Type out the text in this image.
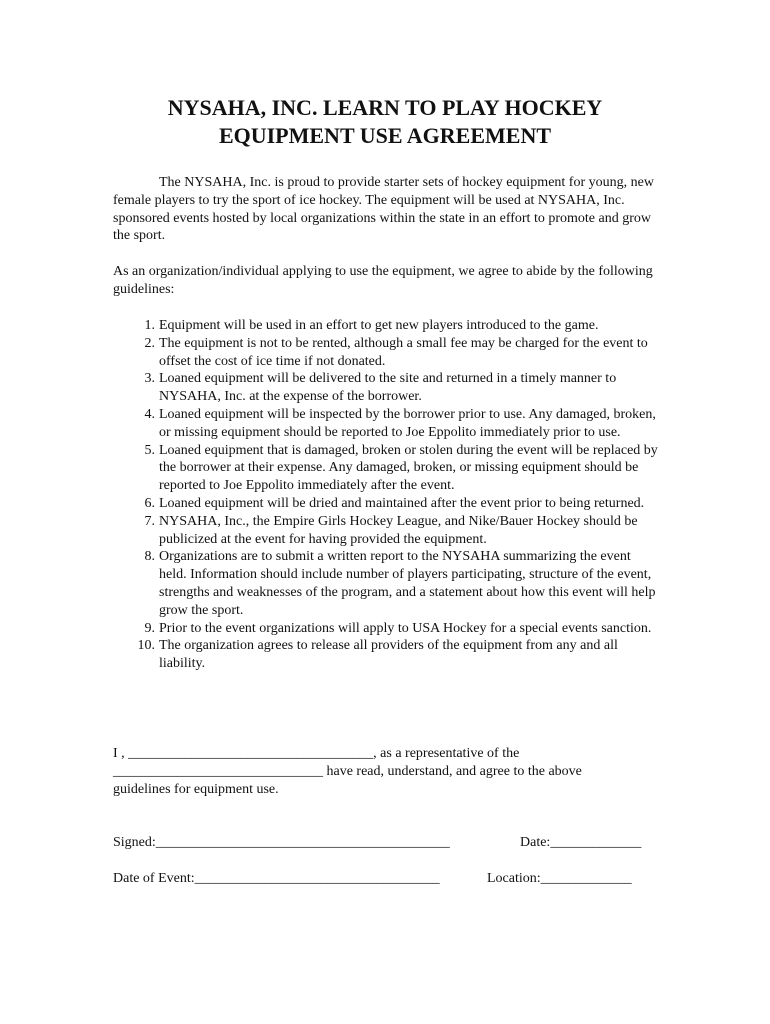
NYSAHA, INC. LEARN TO PLAY HOCKEY
EQUIPMENT USE AGREEMENT

The NYSAHA, Inc. is proud to provide starter sets of hockey equipment for young, new female players to try the sport of ice hockey. The equipment will be used at NYSAHA, Inc. sponsored events hosted by local organizations within the state in an effort to promote and grow the sport.

As an organization/individual applying to use the equipment, we agree to abide by the following guidelines:

1. Equipment will be used in an effort to get new players introduced to the game.
2. The equipment is not to be rented, although a small fee may be charged for the event to offset the cost of ice time if not donated.
3. Loaned equipment will be delivered to the site and returned in a timely manner to NYSAHA, Inc. at the expense of the borrower.
4. Loaned equipment will be inspected by the borrower prior to use. Any damaged, broken, or missing equipment should be reported to Joe Eppolito immediately prior to use.
5. Loaned equipment that is damaged, broken or stolen during the event will be replaced by the borrower at their expense. Any damaged, broken, or missing equipment should be reported to Joe Eppolito immediately after the event.
6. Loaned equipment will be dried and maintained after the event prior to being returned.
7. NYSAHA, Inc., the Empire Girls Hockey League, and Nike/Bauer Hockey should be publicized at the event for having provided the equipment.
8. Organizations are to submit a written report to the NYSAHA summarizing the event held. Information should include number of players participating, structure of the event, strengths and weaknesses of the program, and a statement about how this event will help grow the sport.
9. Prior to the event organizations will apply to USA Hockey for a special events sanction.
10. The organization agrees to release all providers of the equipment from any and all liability.
I , ___________________________________, as a representative of the
______________________________ have read, understand, and agree to the above
guidelines for equipment use.
Signed:__________________________________________	Date:_____________
Date of Event:___________________________________	Location:_____________
